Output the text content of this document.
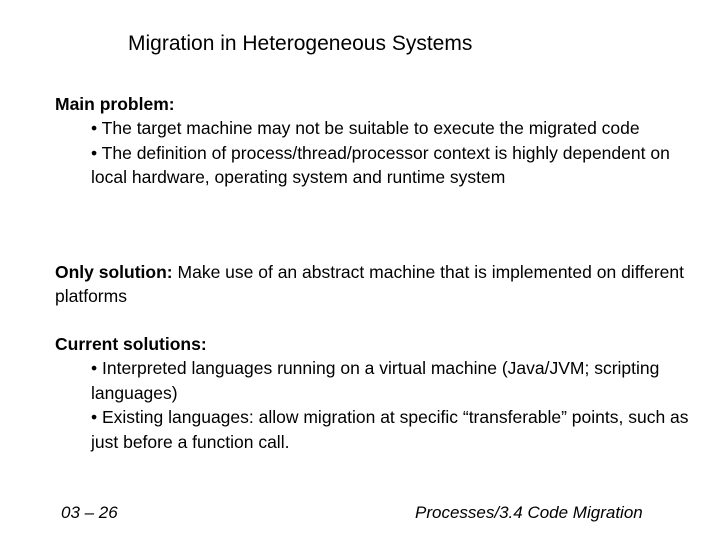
Migration in Heterogeneous Systems
Main problem:
• The target machine may not be suitable to execute the migrated code
• The definition of process/thread/processor context is highly dependent on local hardware, operating system and runtime system
Only solution: Make use of an abstract machine that is implemented on different platforms
Current solutions:
• Interpreted languages running on a virtual machine (Java/JVM; scripting languages)
• Existing languages: allow migration at specific “transferable” points, such as just before a function call.
03 – 26	Processes/3.4 Code Migration
